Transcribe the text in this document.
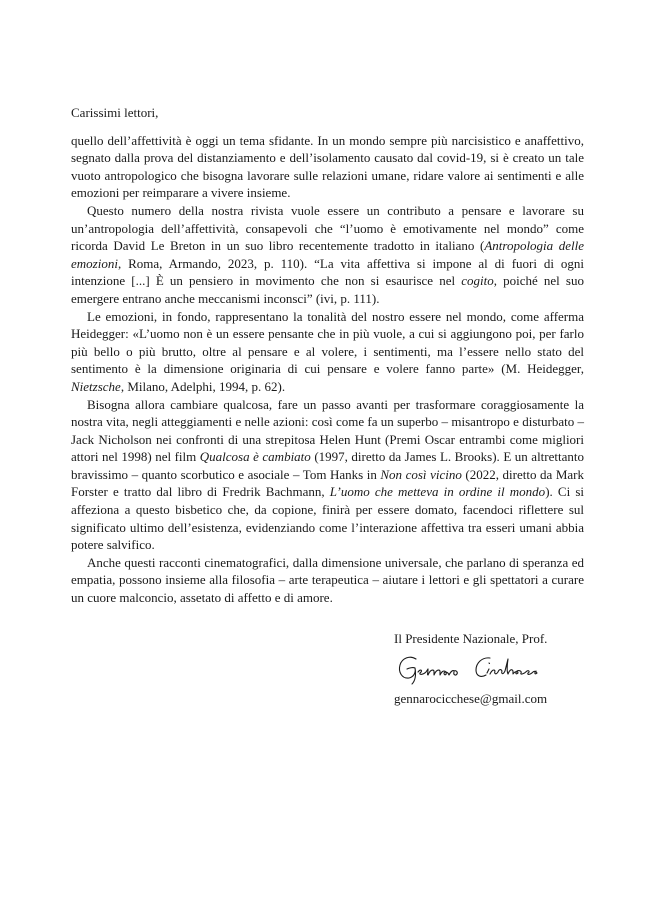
Carissimi lettori,

quello dell’affettività è oggi un tema sfidante. In un mondo sempre più narcisistico e anaffettivo, segnato dalla prova del distanziamento e dell’isolamento causato dal covid-19, si è creato un tale vuoto antropologico che bisogna lavorare sulle relazioni umane, ridare valore ai sentimenti e alle emozioni per reimparare a vivere insieme.

Questo numero della nostra rivista vuole essere un contributo a pensare e lavorare su un’antropologia dell’affettività, consapevoli che “l’uomo è emotivamente nel mondo” come ricorda David Le Breton in un suo libro recentemente tradotto in italiano (Antropologia delle emozioni, Roma, Armando, 2023, p. 110). “La vita affettiva si impone al di fuori di ogni intenzione [...] È un pensiero in movimento che non si esaurisce nel cogito, poiché nel suo emergere entrano anche meccanismi inconsci” (ivi, p. 111).

Le emozioni, in fondo, rappresentano la tonalità del nostro essere nel mondo, come afferma Heidegger: «L’uomo non è un essere pensante che in più vuole, a cui si aggiungono poi, per farlo più bello o più brutto, oltre al pensare e al volere, i sentimenti, ma l’essere nello stato del sentimento è la dimensione originaria di cui pensare e volere fanno parte» (M. Heidegger, Nietzsche, Milano, Adelphi, 1994, p. 62).

Bisogna allora cambiare qualcosa, fare un passo avanti per trasformare coraggiosamente la nostra vita, negli atteggiamenti e nelle azioni: così come fa un superbo – misantropo e disturbato – Jack Nicholson nei confronti di una strepitosa Helen Hunt (Premi Oscar entrambi come migliori attori nel 1998) nel film Qualcosa è cambiato (1997, diretto da James L. Brooks). E un altrettanto bravissimo – quanto scorbutico e asociale – Tom Hanks in Non così vicino (2022, diretto da Mark Forster e tratto dal libro di Fredrik Bachmann, L’uomo che metteva in ordine il mondo). Ci si affeziona a questo bisbetico che, da copione, finirà per essere domato, facendoci riflettere sul significato ultimo dell’esistenza, evidenziando come l’interazione affettiva tra esseri umani abbia potere salvifico.

Anche questi racconti cinematografici, dalla dimensione universale, che parlano di speranza ed empatia, possono insieme alla filosofia – arte terapeutica – aiutare i lettori e gli spettatori a curare un cuore malconcio, assetato di affetto e di amore.

Il Presidente Nazionale, Prof.
gennarocicchese@gmail.com
